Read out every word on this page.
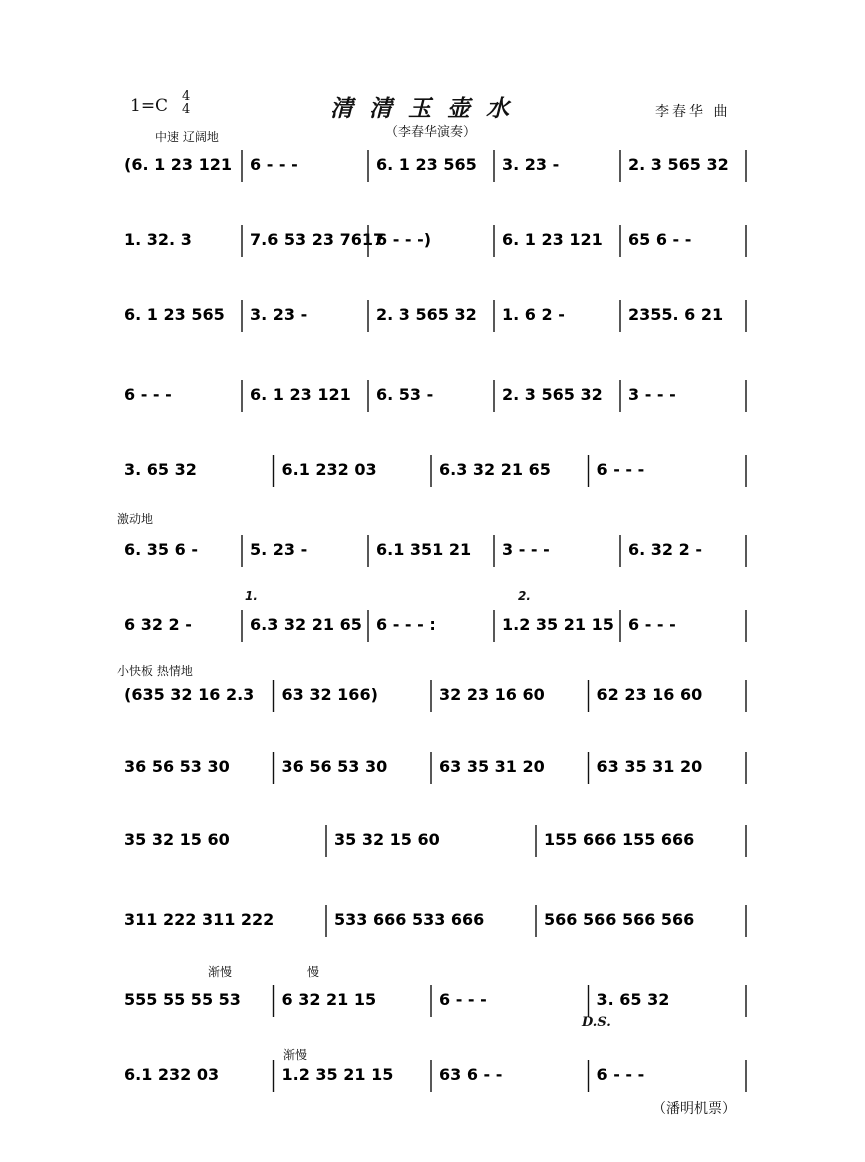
1=C 4
4	清清玉壶水
（李春华演奏）
李春华 曲
中速 辽阔地
(6. 1 23 121 6 - - -	6. 1 23 565 3. 23 -	2. 3 565 32
1. 32. 3	7.6 53 23 7617
6 - - -)	6. 1 23 121 65 6 - -
6. 1 23 565 3. 23 -	2. 3 565 32 1. 6 2 -	2355. 6 21
6 - - -	6. 1 23 121 6. 53 -	2. 3 565 32 3 - - -
3. 65 32	6.1 232 03	6.3 32 21 65	6 - - -
6. 35 6 -	5. 23 -	6.1 351 21 3 - - -	6. 32 2 -
6 32 2 -	6.3 32 21 65 6 - - - :	1.2 35 21 15 6 - - -
(635 32 16 2.3 63 32 166)	32 23 16 60	62 23 16 60
36 56 53 30	36 56 53 30	63 35 31 20	63 35 31 20
35 32 15 60	35 32 15 60	155 666 155 666
311 222 311 222	533 666 533 666	566 566 566 566
555 55 55 53	6 32 21 15	6 - - -	3. 65 32
6.1 232 03	1.2 35 21 15	63 6 - -	6 - - -
激动地
小快板 热情地
渐慢	慢
渐慢
1.	2.
D.S.
（潘明机票）
